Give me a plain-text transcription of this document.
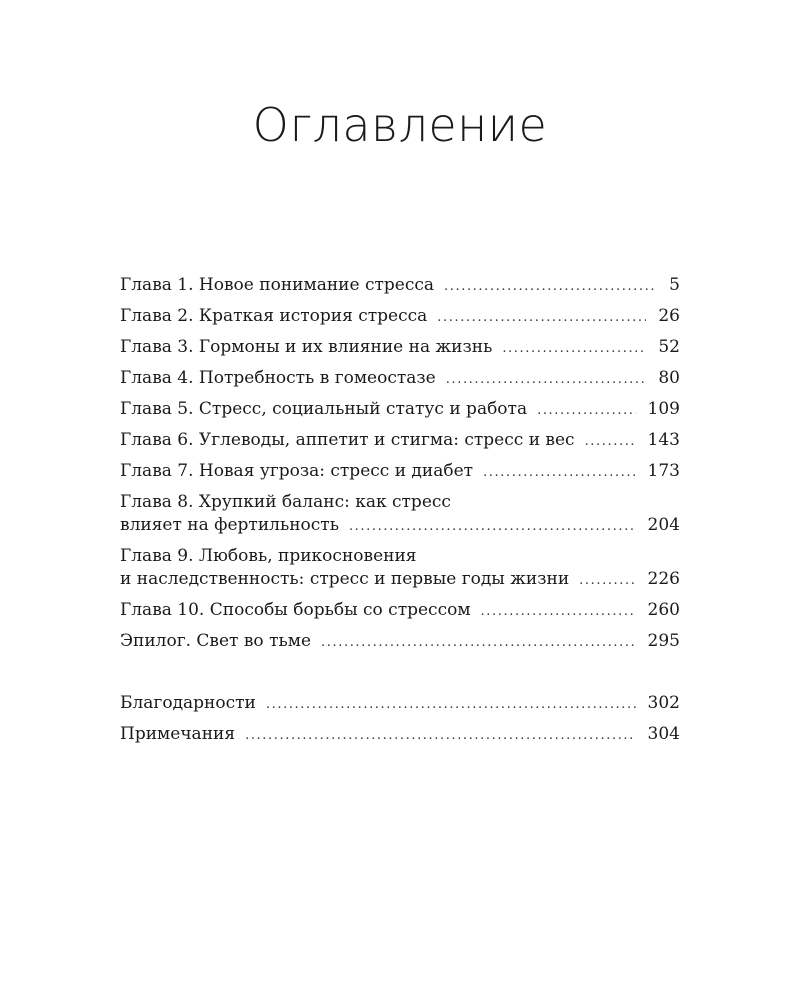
Оглавление
Глава 1. Новое понимание стресса .....	5
Глава 2. Краткая история стресса .....	26
Глава 3. Гормоны и их влияние на жизнь .....	52
Глава 4. Потребность в гомеостазе .....	80
Глава 5. Стресс, социальный статус и работа .....	109
Глава 6. Углеводы, аппетит и стигма: стресс и вес .....	143
Глава 7. Новая угроза: стресс и диабет .....	173
Глава 8. Хрупкий баланс: как стресс
влияет на фертильность .....	204
Глава 9. Любовь, прикосновения
и наследственность: стресс и первые годы жизни .....	226
Глава 10. Способы борьбы со стрессом .....	260
Эпилог. Свет во тьме .....	295
Благодарности .....	302
Примечания .....	304
